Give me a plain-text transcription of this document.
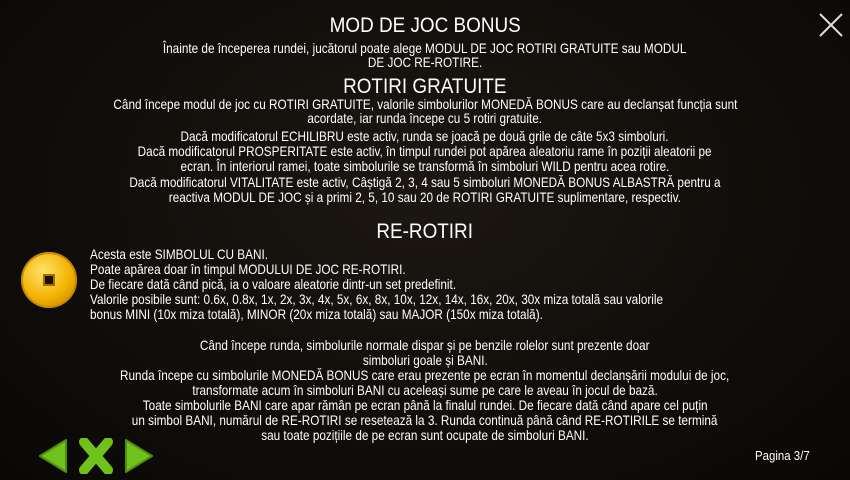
MOD DE JOC BONUS
Înainte de începerea rundei, jucătorul poate alege MODUL DE JOC ROTIRI GRATUITE sau MODUL
DE JOC RE-ROTIRE.
ROTIRI GRATUITE
Când începe modul de joc cu ROTIRI GRATUITE, valorile simbolurilor MONEDĂ BONUS care au declanșat funcția sunt
acordate, iar runda începe cu 5 rotiri gratuite.
Dacă modificatorul ECHILIBRU este activ, runda se joacă pe două grile de câte 5x3 simboluri.
Dacă modificatorul PROSPERITATE este activ, în timpul rundei pot apărea aleatoriu rame în poziții aleatorii pe
ecran. În interiorul ramei, toate simbolurile se transformă în simboluri WILD pentru acea rotire.
Dacă modificatorul VITALITATE este activ, Câștigă 2, 3, 4 sau 5 simboluri MONEDĂ BONUS ALBASTRĂ pentru a
reactiva MODUL DE JOC și a primi 2, 5, 10 sau 20 de ROTIRI GRATUITE suplimentare, respectiv.
RE-ROTIRI
Acesta este SIMBOLUL CU BANI.
Poate apărea doar în timpul MODULUI DE JOC RE-ROTIRI.
De fiecare dată când pică, ia o valoare aleatorie dintr-un set predefinit.
Valorile posibile sunt: 0.6x, 0.8x, 1x, 2x, 3x, 4x, 5x, 6x, 8x, 10x, 12x, 14x, 16x, 20x, 30x miza totală sau valorile
bonus MINI (10x miza totală), MINOR (20x miza totală) sau MAJOR (150x miza totală).
Când începe runda, simbolurile normale dispar și pe benzile rolelor sunt prezente doar
simboluri goale și BANI.
Runda începe cu simbolurile MONEDĂ BONUS care erau prezente pe ecran în momentul declanșării modului de joc,
transformate acum în simboluri BANI cu aceleași sume pe care le aveau în jocul de bază.
Toate simbolurile BANI care apar rămân pe ecran până la finalul rundei. De fiecare dată când apare cel puțin
un simbol BANI, numărul de RE-ROTIRI se resetează la 3. Runda continuă până când RE-ROTIRILE se termină
sau toate pozițiile de pe ecran sunt ocupate de simboluri BANI.
Pagina 3/7
